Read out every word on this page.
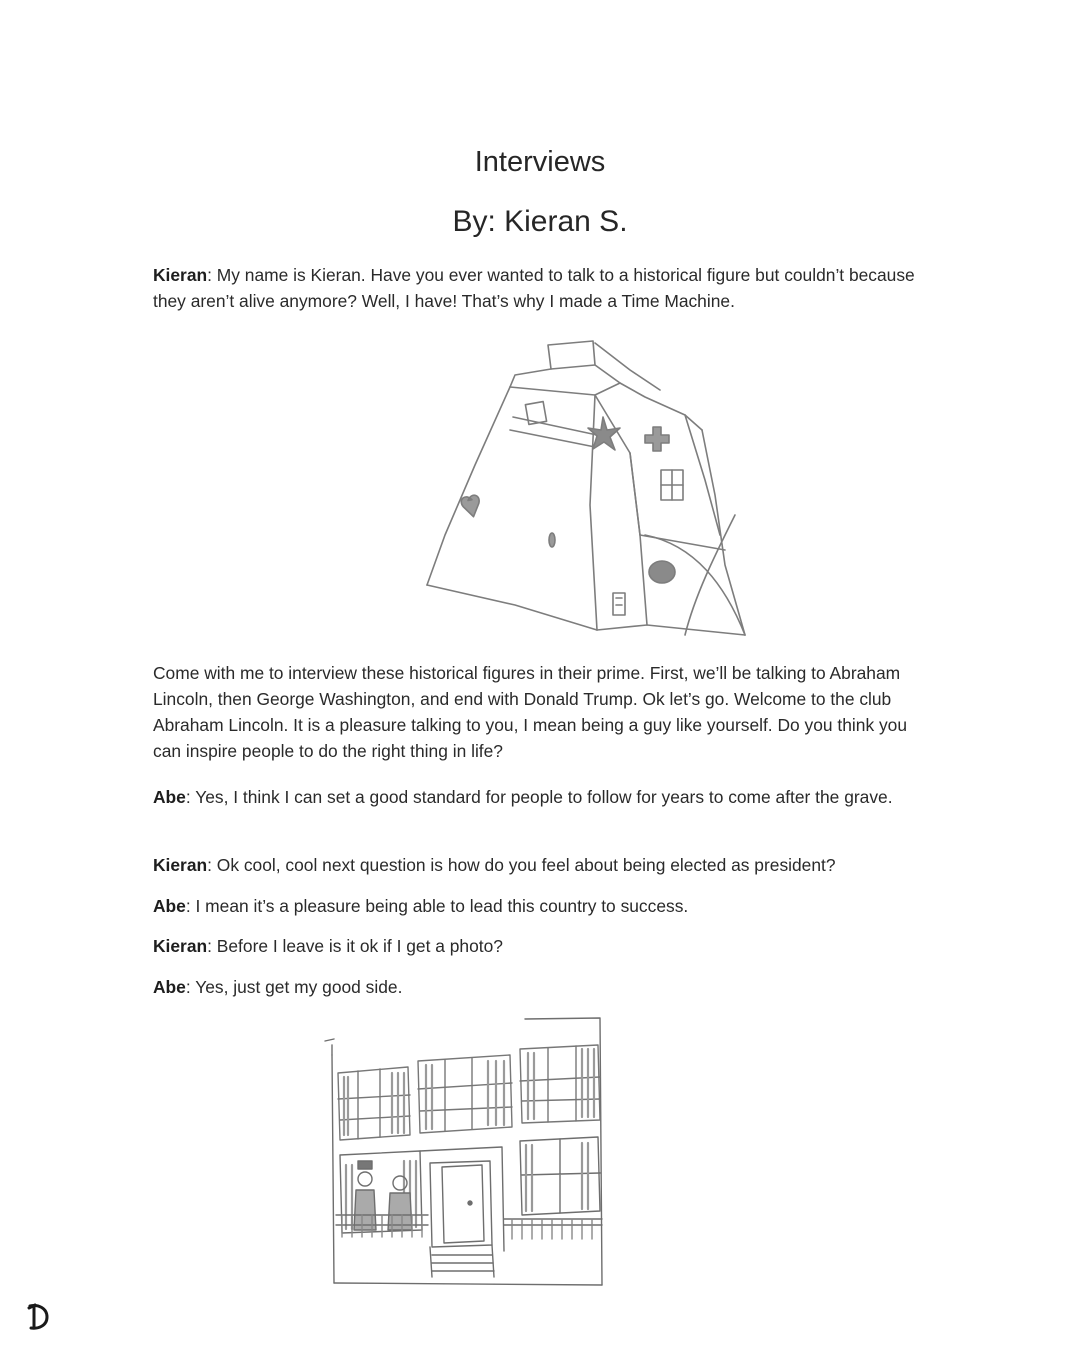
Interviews
By: Kieran S.

Kieran: My name is Kieran. Have you ever wanted to talk to a historical figure but couldn’t because they aren’t alive anymore? Well, I have! That’s why I made a Time Machine.

Come with me to interview these historical figures in their prime. First, we’ll be talking to Abraham Lincoln, then George Washington, and end with Donald Trump. Ok let’s go. Welcome to the club Abraham Lincoln. It is a pleasure talking to you, I mean being a guy like yourself. Do you think you can inspire people to do the right thing in life?

Abe: Yes, I think I can set a good standard for people to follow for years to come after the grave.

Kieran: Ok cool, cool next question is how do you feel about being elected as president?

Abe: I mean it’s a pleasure being able to lead this country to success.

Kieran: Before I leave is it ok if I get a photo?

Abe: Yes, just get my good side.
